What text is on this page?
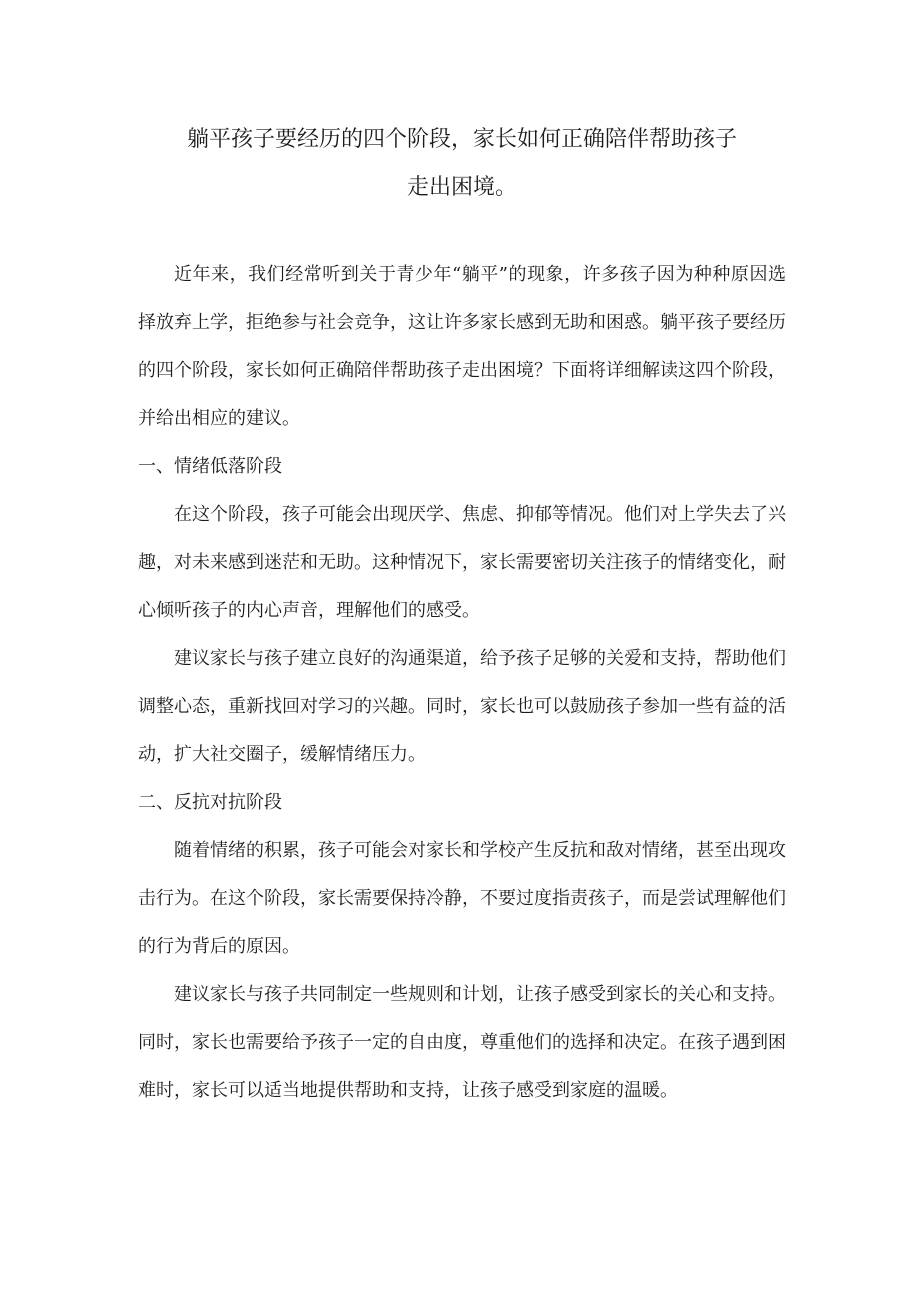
躺平孩子要经历的四个阶段，家长如何正确陪伴帮助孩子
走出困境。

近年来，我们经常听到关于青少年“躺平”的现象，许多孩子因为种种原因选择放弃上学，拒绝参与社会竞争，这让许多家长感到无助和困惑。躺平孩子要经历的四个阶段，家长如何正确陪伴帮助孩子走出困境？下面将详细解读这四个阶段，并给出相应的建议。

一、情绪低落阶段

在这个阶段，孩子可能会出现厌学、焦虑、抑郁等情况。他们对上学失去了兴趣，对未来感到迷茫和无助。这种情况下，家长需要密切关注孩子的情绪变化，耐心倾听孩子的内心声音，理解他们的感受。

建议家长与孩子建立良好的沟通渠道，给予孩子足够的关爱和支持，帮助他们调整心态，重新找回对学习的兴趣。同时，家长也可以鼓励孩子参加一些有益的活动，扩大社交圈子，缓解情绪压力。

二、反抗对抗阶段

随着情绪的积累，孩子可能会对家长和学校产生反抗和敌对情绪，甚至出现攻击行为。在这个阶段，家长需要保持冷静，不要过度指责孩子，而是尝试理解他们的行为背后的原因。

建议家长与孩子共同制定一些规则和计划，让孩子感受到家长的关心和支持。同时，家长也需要给予孩子一定的自由度，尊重他们的选择和决定。在孩子遇到困难时，家长可以适当地提供帮助和支持，让孩子感受到家庭的温暖。
